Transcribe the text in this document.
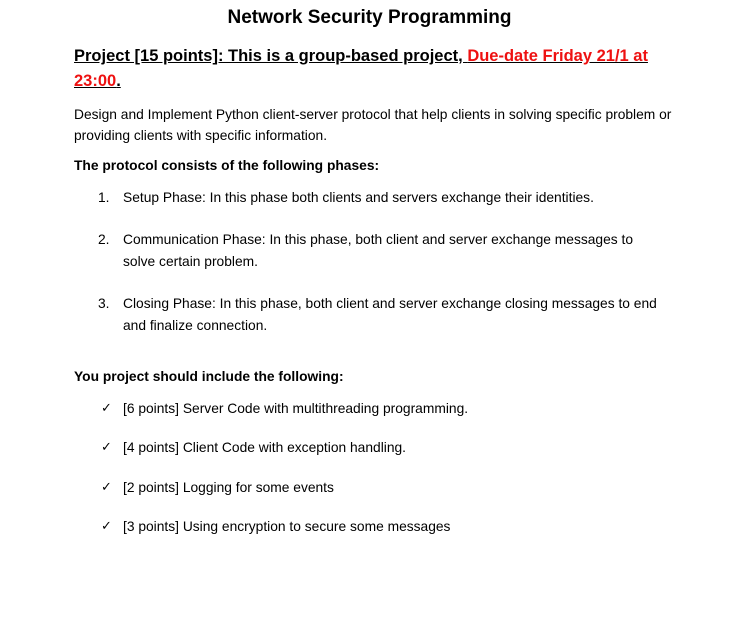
Network Security Programming
Project [15 points]: This is a group-based project, Due-date Friday 21/1 at 23:00.
Design and Implement Python client-server protocol that help clients in solving specific problem or providing clients with specific information.
The protocol consists of the following phases:
1. Setup Phase: In this phase both clients and servers exchange their identities.
2. Communication Phase: In this phase, both client and server exchange messages to solve certain problem.
3. Closing Phase: In this phase, both client and server exchange closing messages to end and finalize connection.
You project should include the following:
✓ [6 points] Server Code with multithreading programming.
✓ [4 points] Client Code with exception handling.
✓ [2 points] Logging for some events
✓ [3 points] Using encryption to secure some messages
